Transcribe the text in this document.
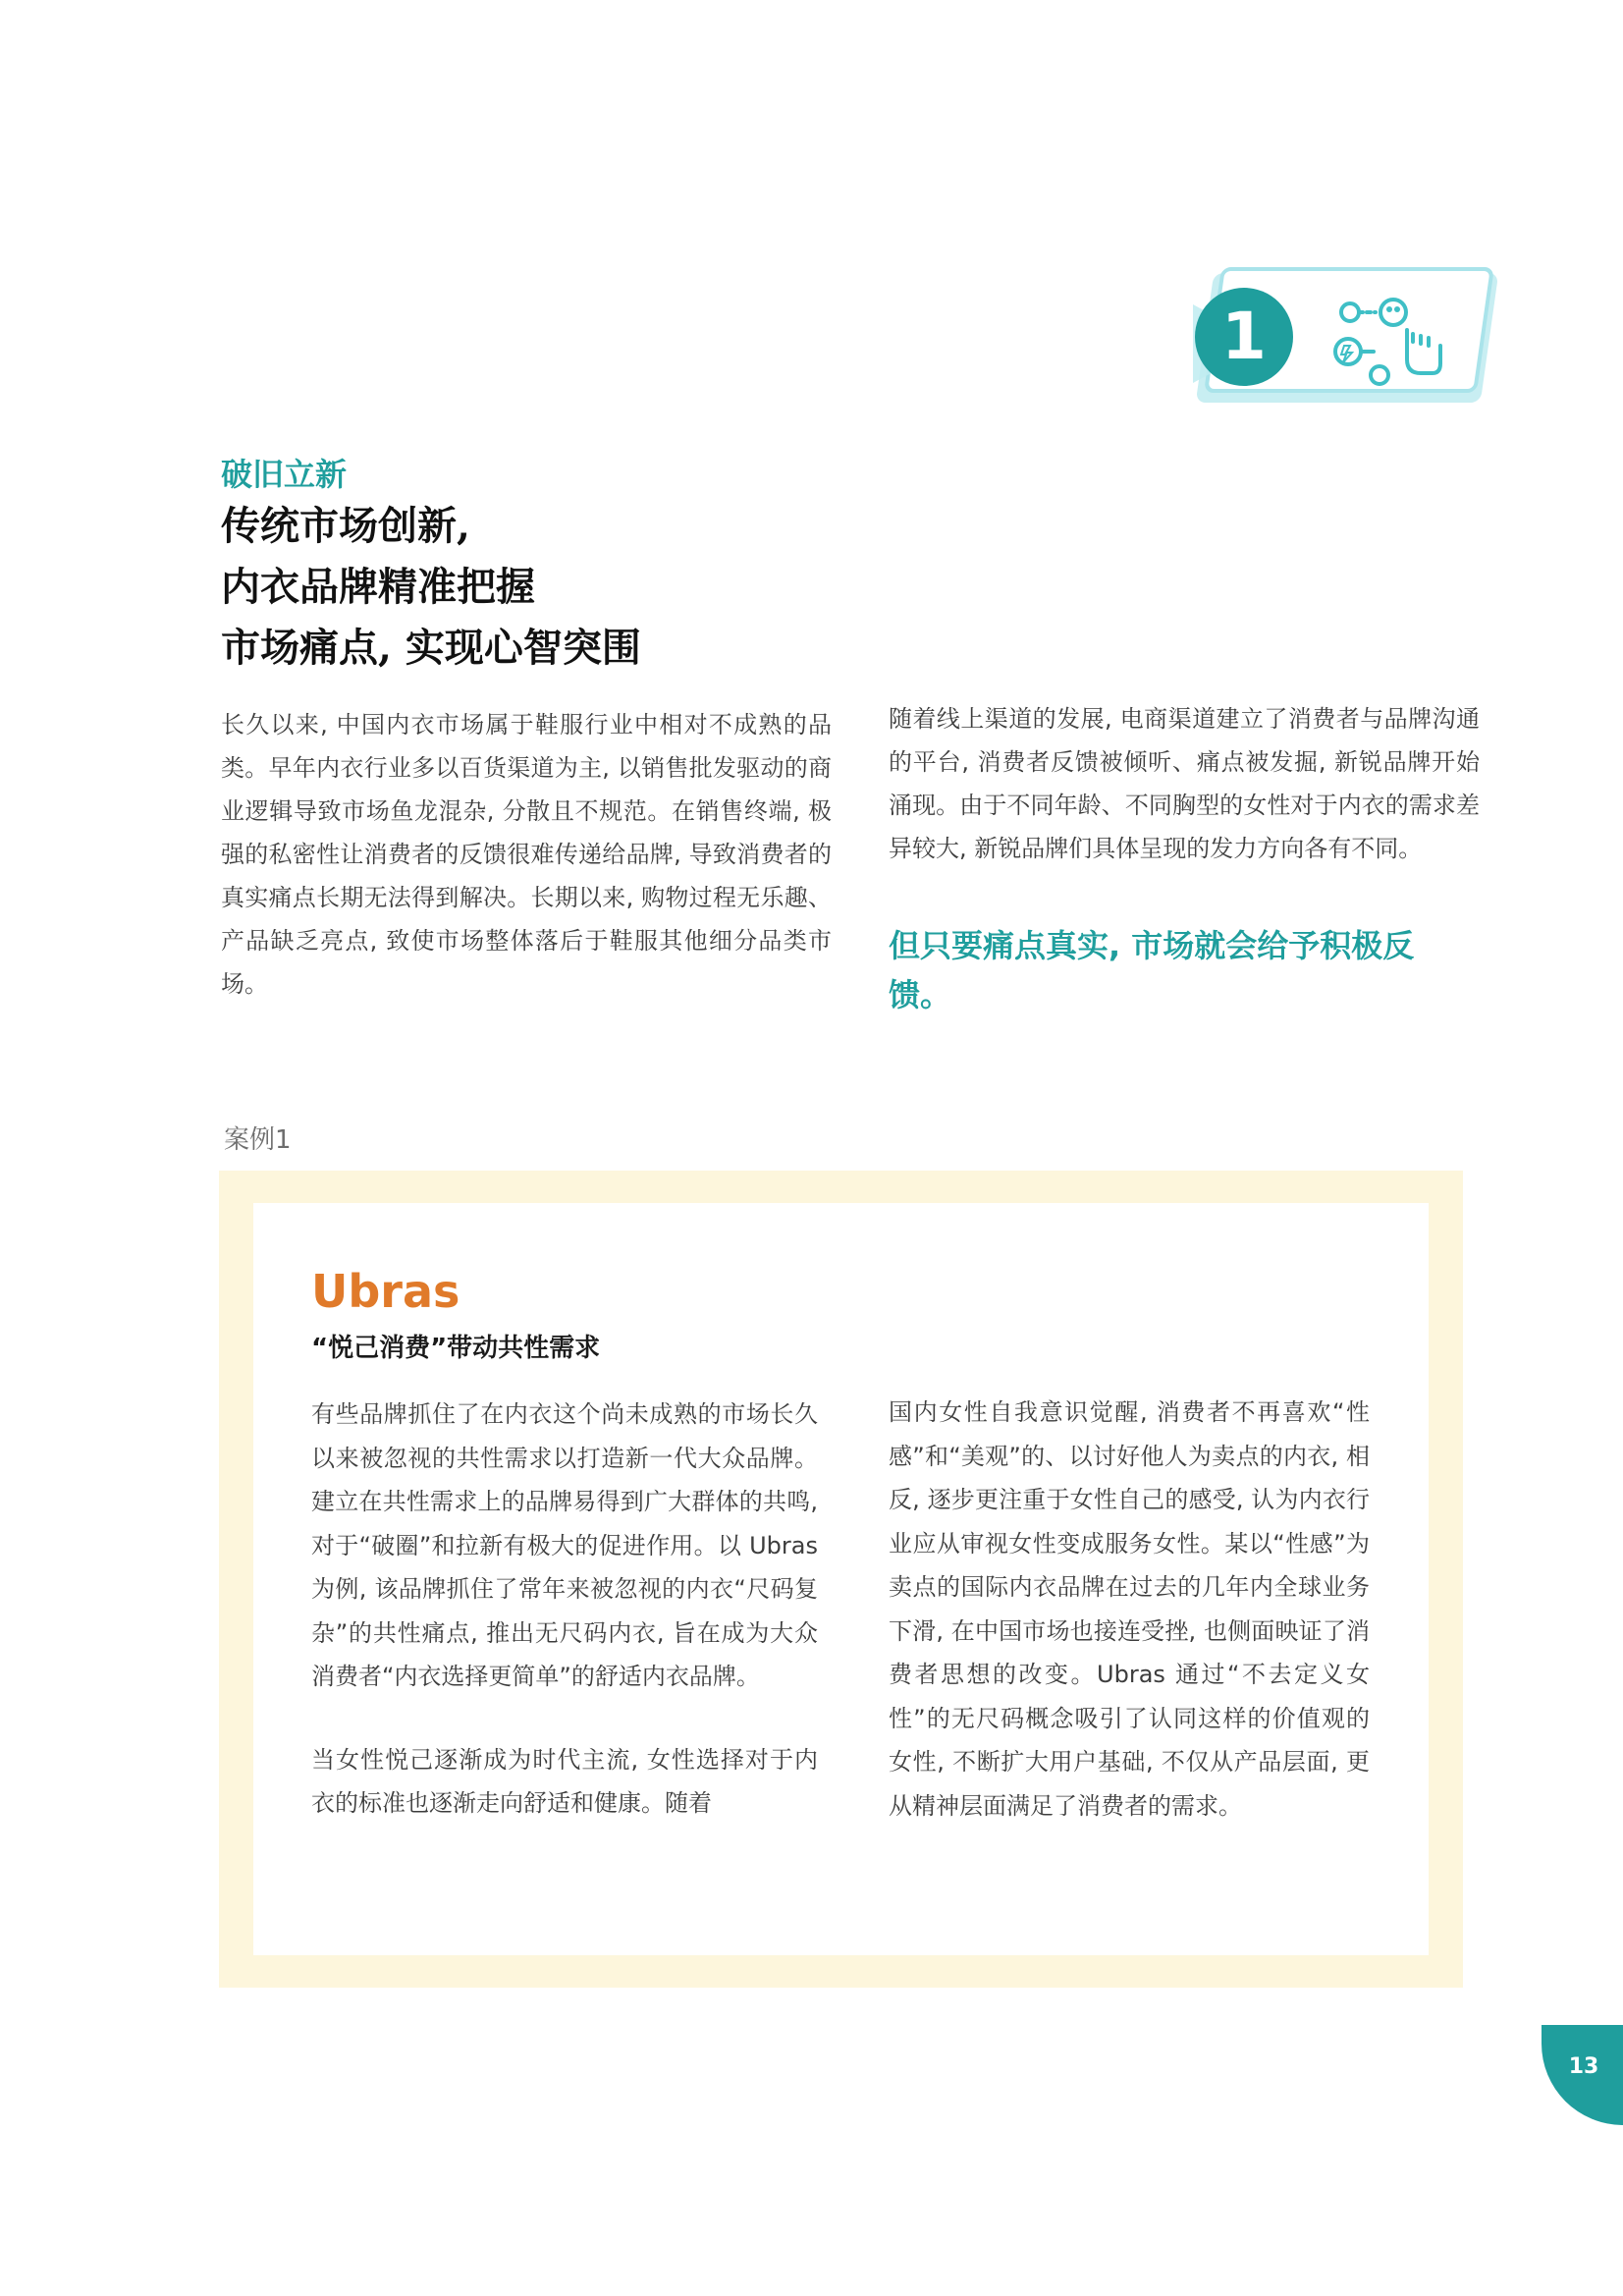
1
破旧立新
传统市场创新,
内衣品牌精准把握
市场痛点, 实现心智突围
长久以来, 中国内衣市场属于鞋服行业中相对不成熟的品类。早年内衣行业多以百货渠道为主, 以销售批发驱动的商业逻辑导致市场鱼龙混杂, 分散且不规范。在销售终端, 极强的私密性让消费者的反馈很难传递给品牌, 导致消费者的真实痛点长期无法得到解决。长期以来, 购物过程无乐趣、产品缺乏亮点, 致使市场整体落后于鞋服其他细分品类市场。
随着线上渠道的发展, 电商渠道建立了消费者与品牌沟通的平台, 消费者反馈被倾听、痛点被发掘, 新锐品牌开始涌现。由于不同年龄、不同胸型的女性对于内衣的需求差异较大, 新锐品牌们具体呈现的发力方向各有不同。
但只要痛点真实, 市场就会给予积极反馈。
案例1
Ubras
“悦己消费”带动共性需求

有些品牌抓住了在内衣这个尚未成熟的市场长久以来被忽视的共性需求以打造新一代大众品牌。建立在共性需求上的品牌易得到广大群体的共鸣, 对于“破圈”和拉新有极大的促进作用。以 Ubras为例, 该品牌抓住了常年来被忽视的内衣“尺码复杂”的共性痛点, 推出无尺码内衣, 旨在成为大众消费者“内衣选择更简单”的舒适内衣品牌。

当女性悦己逐渐成为时代主流, 女性选择对于内衣的标准也逐渐走向舒适和健康。随着

国内女性自我意识觉醒, 消费者不再喜欢“性感”和“美观”的、以讨好他人为卖点的内衣, 相反, 逐步更注重于女性自己的感受, 认为内衣行业应从审视女性变成服务女性。某以“性感”为卖点的国际内衣品牌在过去的几年内全球业务下滑, 在中国市场也接连受挫, 也侧面映证了消费者思想的改变。Ubras 通过“不去定义女性”的无尺码概念吸引了认同这样的价值观的女性, 不断扩大用户基础, 不仅从产品层面, 更从精神层面满足了消费者的需求。
13
